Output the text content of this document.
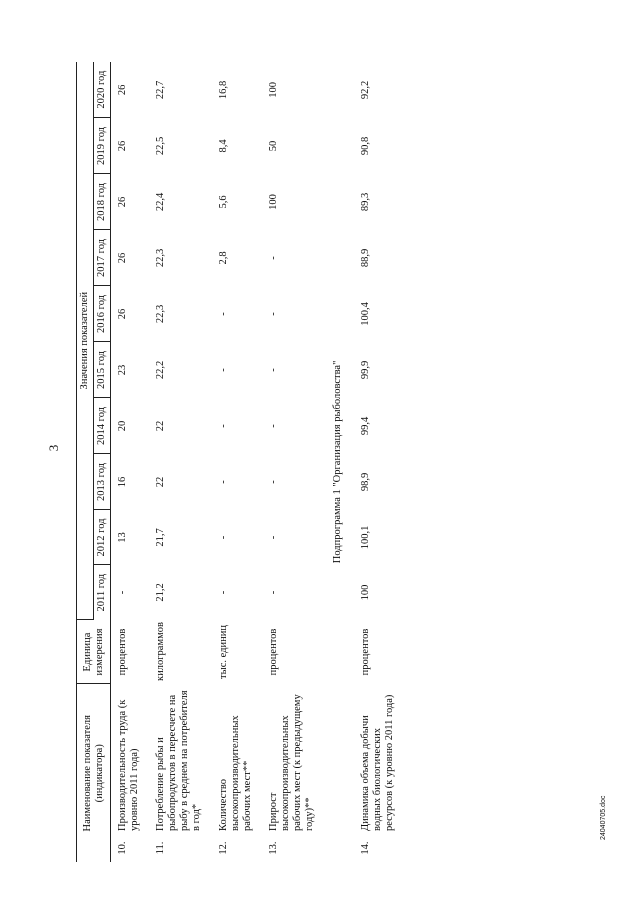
3
Наименование показателя (индикатора)		Единица измерения	Значения показателей									
			2011 год	2012 год	2013 год	2014 год	2015 год	2016 год	2017 год	2018 год	2019 год	2020 год
10.	Производительность труда (к уровню 2011 года)	процентов	-	13	16	20	23	26	26	26	26	26
11.	Потребление рыбы и рыбопродуктов в пересчете на рыбу в среднем на потребителя в год*	килограммов	21,2	21,7	22	22	22,2	22,3	22,3	22,4	22,5	22,7
12.	Количество высокопроизводительных рабочих мест**	тыс. единиц	-	-	-	-	-	-	2,8	5,6	8,4	16,8
13.	Прирост высокопроизводительных рабочих мест (к предыдущему году)**	процентов	-	-	-	-	-	-	-	100	50	100
Подпрограмма 1 "Организация рыболовства"												
14.	Динамика объема добычи водных биологических ресурсов (к уровню 2011 года)	процентов	100	100,1	98,9	99,4	99,9	100,4	88,9	89,3	90,8	92,2
24040705.doc
